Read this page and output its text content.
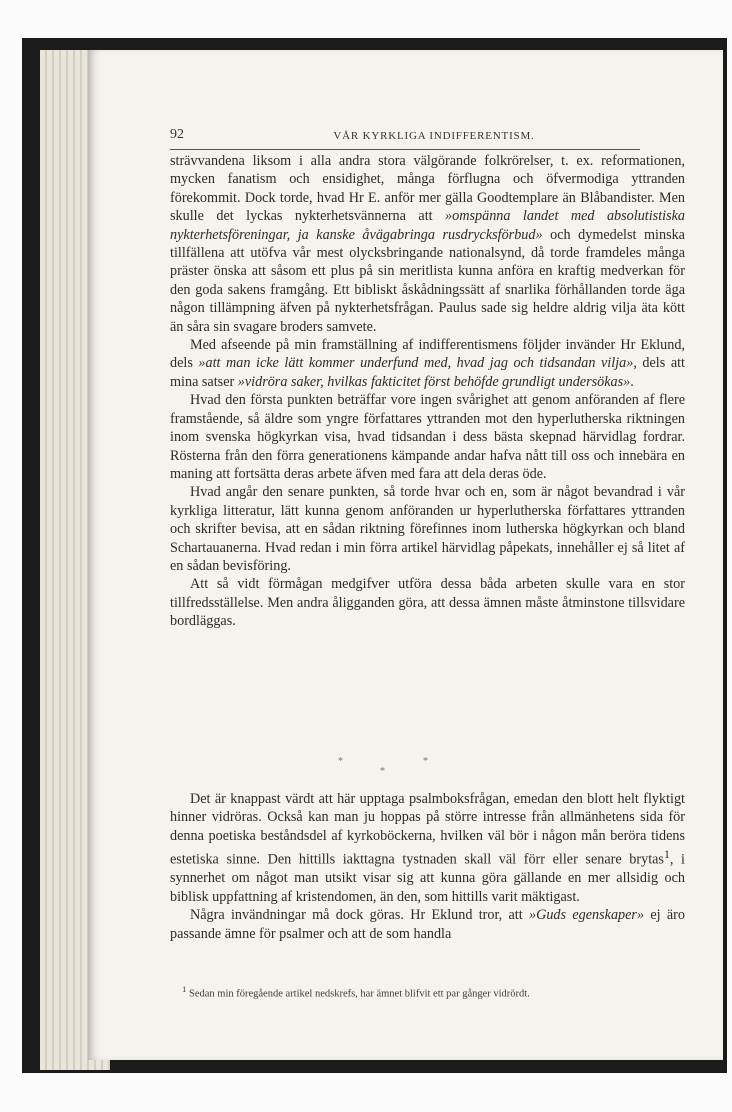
92	VÅR KYRKLIGA INDIFFERENTISM.

strävvandena liksom i alla andra stora välgörande folkrörelser, t. ex. reformationen, mycken fanatism och ensidighet, många förflugna och öfvermodiga yttranden förekommit. Dock torde, hvad Hr E. anför mer gälla Goodtemplare än Blåbandister. Men skulle det lyckas nykterhetsvännerna att »omspänna landet med absolutistiska nykterhetsföreningar, ja kanske åvägabringa rusdrycksförbud» och dymedelst minska tillfällena att utöfva vår mest olycksbringande nationalsynd, då torde framdeles många präster önska att såsom ett plus på sin meritlista kunna anföra en kraftig medverkan för den goda sakens framgång. Ett bibliskt åskådningssätt af snarlika förhållanden torde äga någon tillämpning äfven på nykterhetsfrågan. Paulus sade sig heldre aldrig vilja äta kött än såra sin svagare broders samvete.

Med afseende på min framställning af indifferentismens följder invänder Hr Eklund, dels »att man icke lätt kommer underfund med, hvad jag och tidsandan vilja», dels att mina satser »vidröra saker, hvilkas fakticitet först behöfde grundligt undersökas».

Hvad den första punkten beträffar vore ingen svårighet att genom anföranden af flere framstående, så äldre som yngre författares yttranden mot den hyperlutherska riktningen inom svenska högkyrkan visa, hvad tidsandan i dess bästa skepnad härvidlag fordrar. Rösterna från den förra generationens kämpande andar hafva nått till oss och innebära en maning att fortsätta deras arbete äfven med fara att dela deras öde.

Hvad angår den senare punkten, så torde hvar och en, som är något bevandrad i vår kyrkliga litteratur, lätt kunna genom anföranden ur hyperlutherska författares yttranden och skrifter bevisa, att en sådan riktning förefinnes inom lutherska högkyrkan och bland Schartauanerna. Hvad redan i min förra artikel härvidlag påpekats, innehåller ej så litet af en sådan bevisföring.

Att så vidt förmågan medgifver utföra dessa båda arbeten skulle vara en stor tillfredsställelse. Men andra åligganden göra, att dessa ämnen måste åtminstone tillsvidare bordläggas.

*
*
*

Det är knappast värdt att här upptaga psalmboksfrågan, emedan den blott helt flyktigt hinner vidröras. Också kan man ju hoppas på större intresse från allmänhetens sida för denna poetiska beståndsdel af kyrkoböckerna, hvilken väl bör i någon mån beröra tidens estetiska sinne. Den hittills iakttagna tystnaden skall väl förr eller senare brytas$^1$, i synnerhet om något man utsikt visar sig att kunna göra gällande en mer allsidig och biblisk uppfattning af kristendomen, än den, som hittills varit mäktigast.

Några invändningar må dock göras. Hr Eklund tror, att »Guds egenskaper» ej äro passande ämne för psalmer och att de som handla

$^1$ Sedan min föregående artikel nedskrefs, har ämnet blifvit ett par gånger vidrördt.
